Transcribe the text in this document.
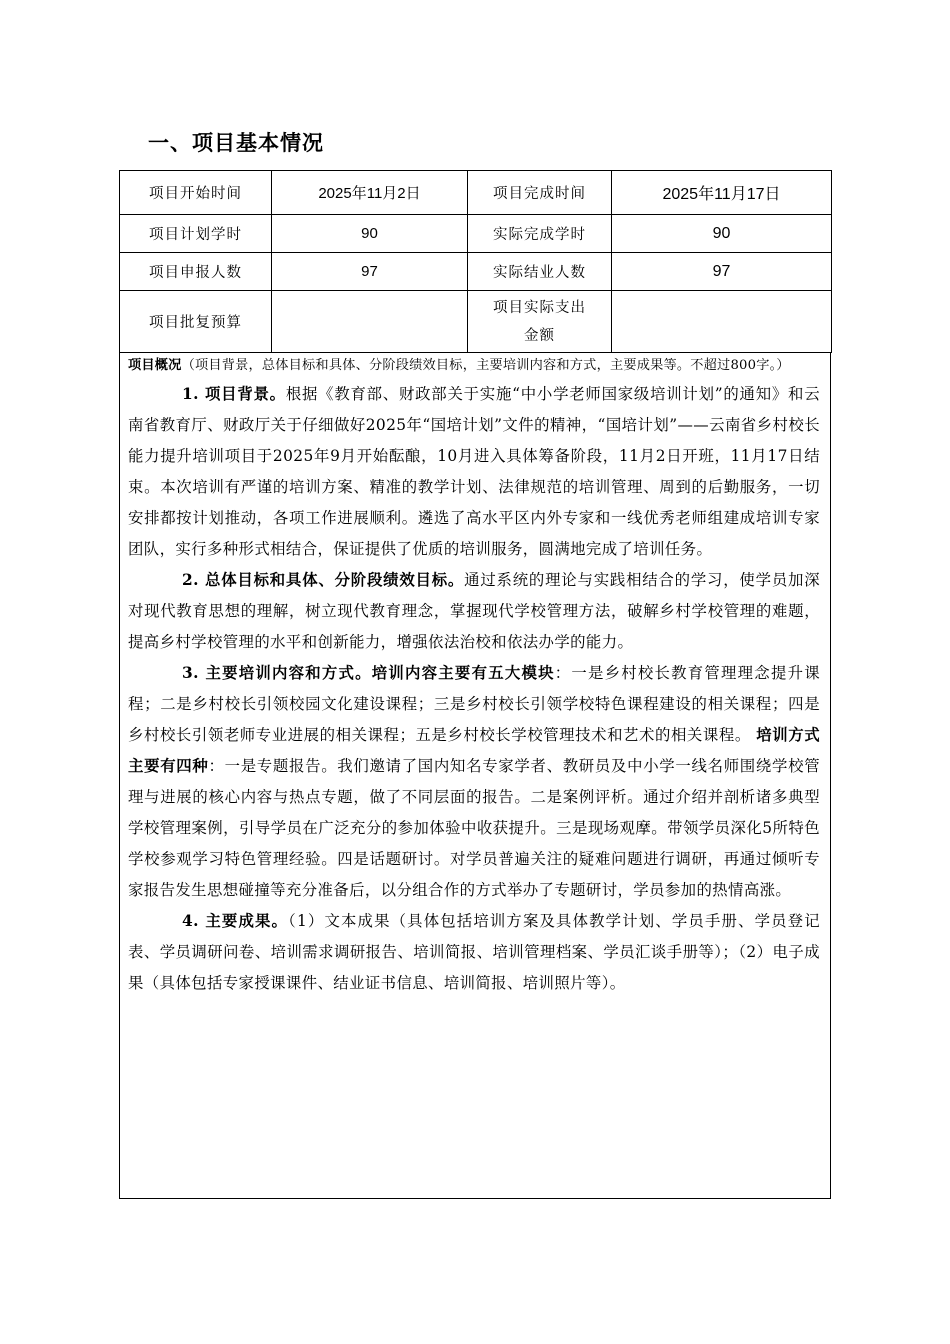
一、项目基本情况
项目开始时间	2025年11月2日	项目完成时间	2025年11月17日
项目计划学时	90	实际完成学时	90
项目申报人数	97	实际结业人数	97
项目批复预算		项目实际支出
金额	

项目概况（项目背景，总体目标和具体、分阶段绩效目标，主要培训内容和方式，主要成果等。不超过800字。）

1. 项目背景。根据《教育部、财政部关于实施“中小学老师国家级培训计划”的通知》和云南省教育厅、财政厅关于仔细做好2025年“国培计划”文件的精神，“国培计划”——云南省乡村校长能力提升培训项目于2025年9月开始酝酿，10月进入具体筹备阶段，11月2日开班，11月17日结束。本次培训有严谨的培训方案、精准的教学计划、法律规范的培训管理、周到的后勤服务，一切安排都按计划推动，各项工作进展顺利。遴选了高水平区内外专家和一线优秀老师组建成培训专家团队，实行多种形式相结合，保证提供了优质的培训服务，圆满地完成了培训任务。

2. 总体目标和具体、分阶段绩效目标。通过系统的理论与实践相结合的学习，使学员加深对现代教育思想的理解，树立现代教育理念，掌握现代学校管理方法，破解乡村学校管理的难题，提高乡村学校管理的水平和创新能力，增强依法治校和依法办学的能力。

3. 主要培训内容和方式。培训内容主要有五大模块：一是乡村校长教育管理理念提升课程；二是乡村校长引领校园文化建设课程；三是乡村校长引领学校特色课程建设的相关课程；四是乡村校长引领老师专业进展的相关课程；五是乡村校长学校管理技术和艺术的相关课程。 培训方式主要有四种：一是专题报告。我们邀请了国内知名专家学者、教研员及中小学一线名师围绕学校管理与进展的核心内容与热点专题，做了不同层面的报告。二是案例评析。通过介绍并剖析诸多典型学校管理案例，引导学员在广泛充分的参加体验中收获提升。三是现场观摩。带领学员深化5所特色学校参观学习特色管理经验。四是话题研讨。对学员普遍关注的疑难问题进行调研，再通过倾听专家报告发生思想碰撞等充分准备后，以分组合作的方式举办了专题研讨，学员参加的热情高涨。

4. 主要成果。（1）文本成果（具体包括培训方案及具体教学计划、学员手册、学员登记表、学员调研问卷、培训需求调研报告、培训简报、培训管理档案、学员汇谈手册等）；（2）电子成果（具体包括专家授课课件、结业证书信息、培训简报、培训照片等）。
